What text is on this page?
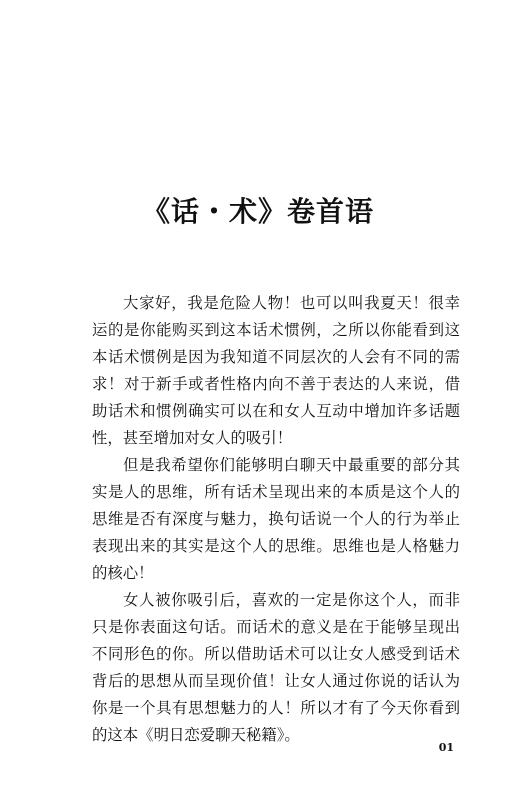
《话・术》卷首语

大家好，我是危险人物！也可以叫我夏天！很幸运的是你能购买到这本话术惯例，之所以你能看到这本话术惯例是因为我知道不同层次的人会有不同的需求！对于新手或者性格内向不善于表达的人来说，借助话术和惯例确实可以在和女人互动中增加许多话题性，甚至增加对女人的吸引！

但是我希望你们能够明白聊天中最重要的部分其实是人的思维，所有话术呈现出来的本质是这个人的思维是否有深度与魅力，换句话说一个人的行为举止表现出来的其实是这个人的思维。思维也是人格魅力的核心！

女人被你吸引后，喜欢的一定是你这个人，而非只是你表面这句话。而话术的意义是在于能够呈现出不同形色的你。所以借助话术可以让女人感受到话术背后的思想从而呈现价值！让女人通过你说的话认为你是一个具有思想魅力的人！所以才有了今天你看到的这本《明日恋爱聊天秘籍》。

01
